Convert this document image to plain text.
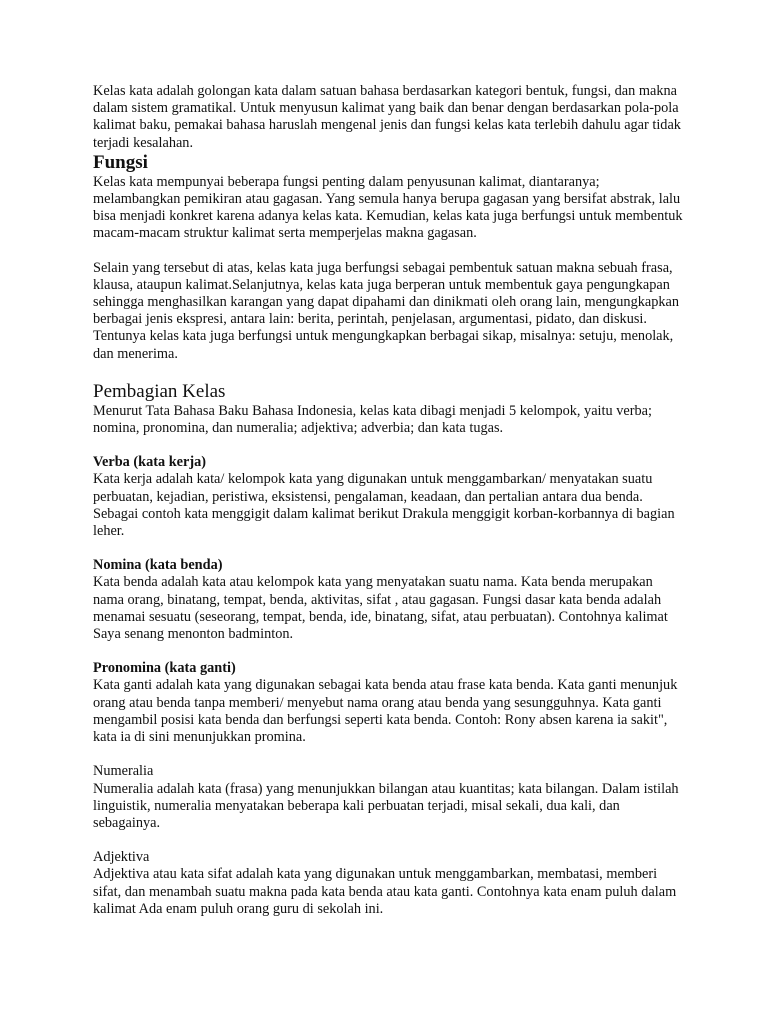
Kelas kata adalah golongan kata dalam satuan bahasa berdasarkan kategori bentuk, fungsi, dan makna dalam sistem gramatikal. Untuk menyusun kalimat yang baik dan benar dengan berdasarkan pola-pola kalimat baku, pemakai bahasa haruslah mengenal jenis dan fungsi kelas kata terlebih dahulu agar tidak terjadi kesalahan.

Fungsi

Kelas kata mempunyai beberapa fungsi penting dalam penyusunan kalimat, diantaranya; melambangkan pemikiran atau gagasan. Yang semula hanya berupa gagasan yang bersifat abstrak, lalu bisa menjadi konkret karena adanya kelas kata. Kemudian, kelas kata juga berfungsi untuk membentuk macam-macam struktur kalimat serta memperjelas makna gagasan.

Selain yang tersebut di atas, kelas kata juga berfungsi sebagai pembentuk satuan makna sebuah frasa, klausa, ataupun kalimat.Selanjutnya, kelas kata juga berperan untuk membentuk gaya pengungkapan sehingga menghasilkan karangan yang dapat dipahami dan dinikmati oleh orang lain, mengungkapkan berbagai jenis ekspresi, antara lain: berita, perintah, penjelasan, argumentasi, pidato, dan diskusi. Tentunya kelas kata juga berfungsi untuk mengungkapkan berbagai sikap, misalnya: setuju, menolak, dan menerima.

Pembagian Kelas

Menurut Tata Bahasa Baku Bahasa Indonesia, kelas kata dibagi menjadi 5 kelompok, yaitu verba; nomina, pronomina, dan numeralia; adjektiva; adverbia; dan kata tugas.

Verba (kata kerja)

Kata kerja adalah kata/ kelompok kata yang digunakan untuk menggambarkan/ menyatakan suatu perbuatan, kejadian, peristiwa, eksistensi, pengalaman, keadaan, dan pertalian antara dua benda. Sebagai contoh kata menggigit dalam kalimat berikut Drakula menggigit korban-korbannya di bagian leher.

Nomina (kata benda)

Kata benda adalah kata atau kelompok kata yang menyatakan suatu nama. Kata benda merupakan nama orang, binatang, tempat, benda, aktivitas, sifat , atau gagasan. Fungsi dasar kata benda adalah menamai sesuatu (seseorang, tempat, benda, ide, binatang, sifat, atau perbuatan). Contohnya kalimat Saya senang menonton badminton.

Pronomina (kata ganti)

Kata ganti adalah kata yang digunakan sebagai kata benda atau frase kata benda. Kata ganti menunjuk orang atau benda tanpa memberi/ menyebut nama orang atau benda yang sesungguhnya. Kata ganti mengambil posisi kata benda dan berfungsi seperti kata benda. Contoh: Rony absen karena ia sakit", kata ia di sini menunjukkan promina.

Numeralia

Numeralia adalah kata (frasa) yang menunjukkan bilangan atau kuantitas; kata bilangan. Dalam istilah linguistik, numeralia menyatakan beberapa kali perbuatan terjadi, misal sekali, dua kali, dan sebagainya.

Adjektiva

Adjektiva atau kata sifat adalah kata yang digunakan untuk menggambarkan, membatasi, memberi sifat, dan menambah suatu makna pada kata benda atau kata ganti. Contohnya kata enam puluh dalam kalimat Ada enam puluh orang guru di sekolah ini.
